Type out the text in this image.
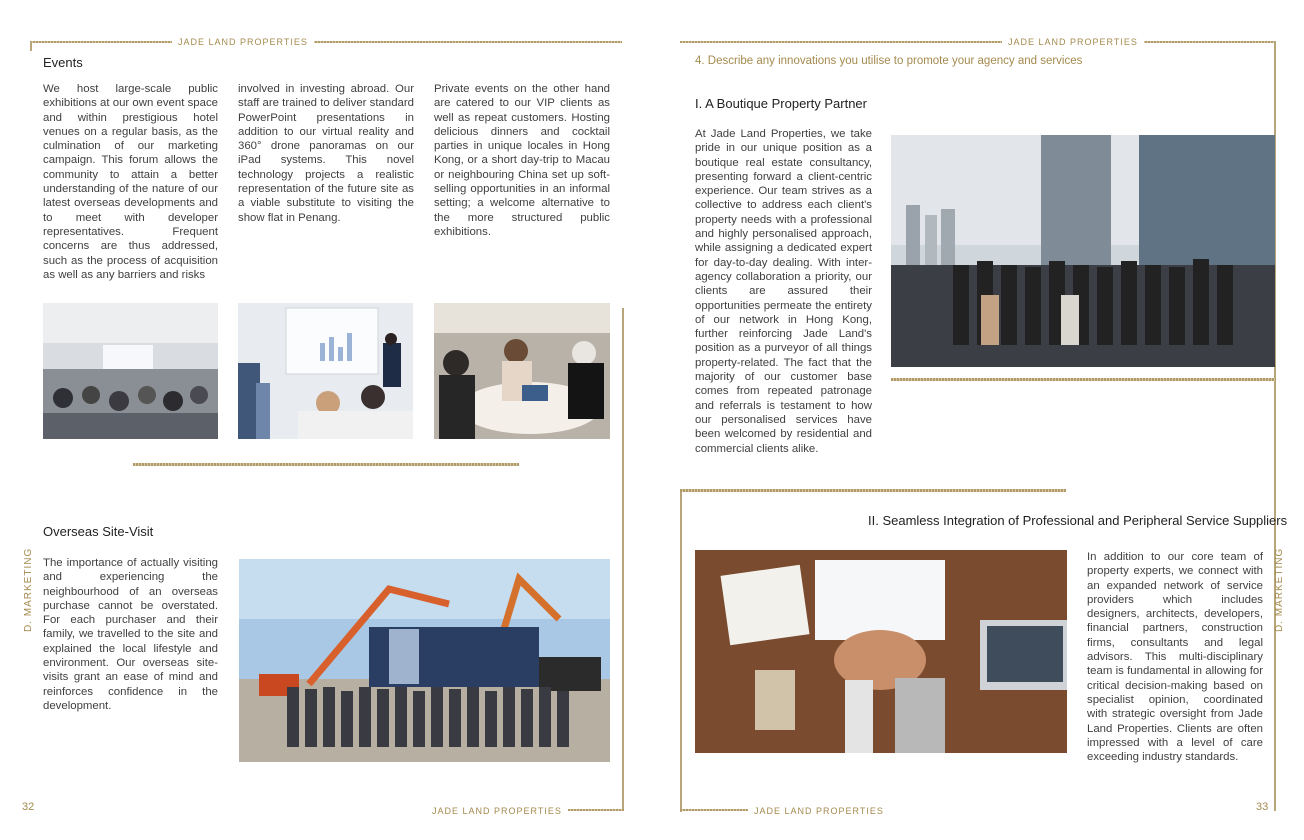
JADE LAND PROPERTIES
JADE LAND PROPERTIES
32
D. MARKETING
Events
We host large-scale public exhibitions at our own event space and within prestigious hotel venues on a regular basis, as the culmination of our marketing campaign. This forum allows the community to attain a better understanding of the nature of our latest overseas developments and to meet with developer representatives. Frequent concerns are thus addressed, such as the process of acquisition as well as any barriers and risks
involved in investing abroad. Our staff are trained to deliver standard PowerPoint presentations in addition to our virtual reality and 360° drone panoramas on our iPad systems. This novel technology projects a realistic representation of the future site as a viable substitute to visiting the show flat in Penang.
Private events on the other hand are catered to our VIP clients as well as repeat customers. Hosting delicious dinners and cocktail parties in unique locales in Hong Kong, or a short day-trip to Macau or neighbouring China set up soft-selling opportunities in an informal setting; a welcome alternative to the more structured public exhibitions.
Overseas Site-Visit
The importance of actually visiting and experiencing the neighbourhood of an overseas purchase cannot be overstated. For each purchaser and their family, we travelled to the site and explained the local lifestyle and environment. Our overseas site-visits grant an ease of mind and reinforces confidence in the development.
JADE LAND PROPERTIES
JADE LAND PROPERTIES	33
D. MARKETING
4. Describe any innovations you utilise to promote your agency and services
I. A Boutique Property Partner
At Jade Land Properties, we take pride in our unique position as a boutique real estate consultancy, presenting forward a client-centric experience. Our team strives as a collective to address each client's property needs with a professional and highly personalised approach, while assigning a dedicated expert for day-to-day dealing. With inter-agency collaboration a priority, our clients are assured their opportunities permeate the entirety of our network in Hong Kong, further reinforcing Jade Land's position as a purveyor of all things property-related. The fact that the majority of our customer base comes from repeated patronage and referrals is testament to how our personalised services have been welcomed by residential and commercial clients alike.
II. Seamless Integration of Professional and Peripheral Service Suppliers
In addition to our core team of property experts, we connect with an expanded network of service providers which includes designers, architects, developers, financial partners, construction firms, consultants and legal advisors. This multi-disciplinary team is fundamental in allowing for critical decision-making based on specialist opinion, coordinated with strategic oversight from Jade Land Properties. Clients are often impressed with a level of care exceeding industry standards.
